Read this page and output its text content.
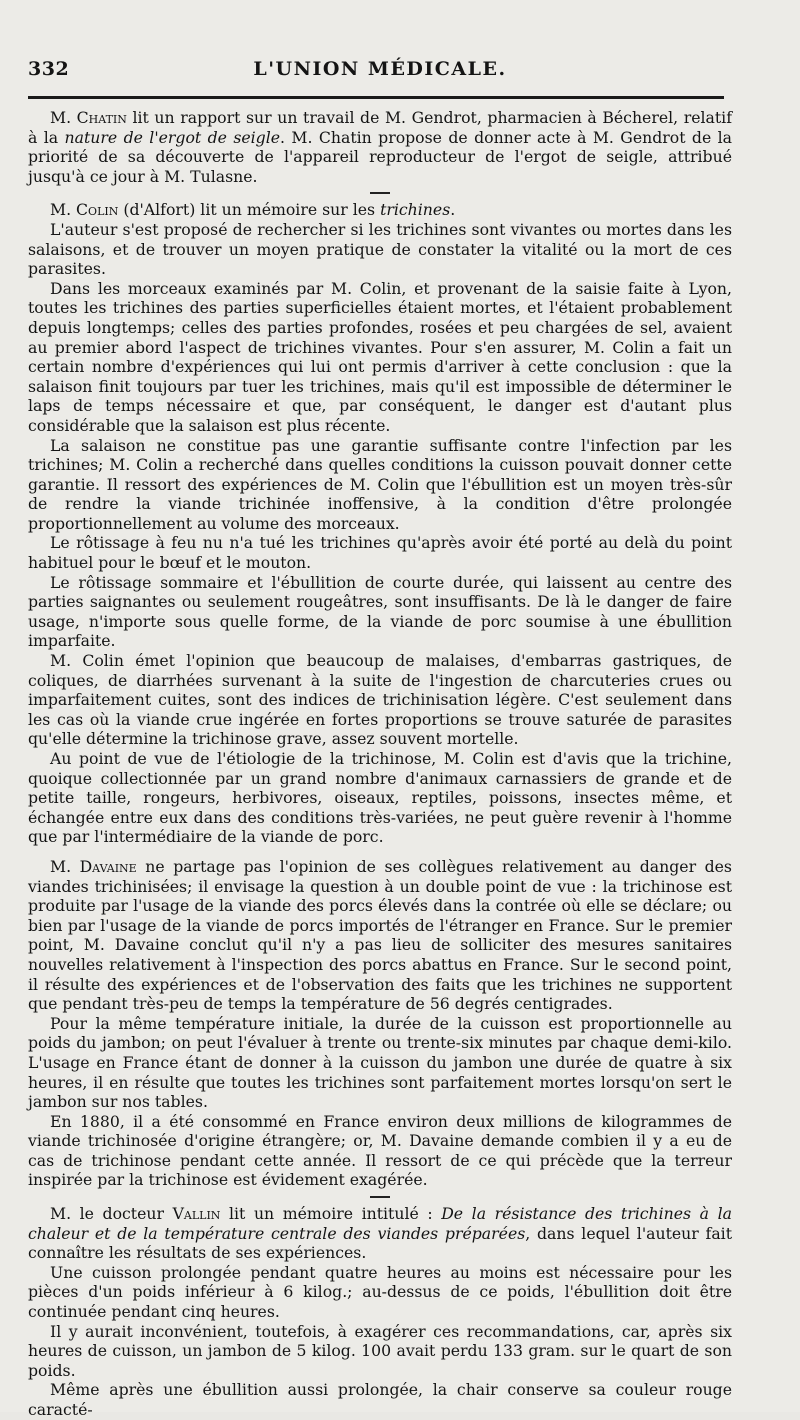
332	L'UNION MÉDICALE.

M. Chatin lit un rapport sur un travail de M. Gendrot, pharmacien à Bécherel, relatif à la nature de l'ergot de seigle. M. Chatin propose de donner acte à M. Gendrot de la priorité de sa découverte de l'appareil reproducteur de l'ergot de seigle, attribué jusqu'à ce jour à M. Tulasne.

M. Colin (d'Alfort) lit un mémoire sur les trichines.

L'auteur s'est proposé de rechercher si les trichines sont vivantes ou mortes dans les salaisons, et de trouver un moyen pratique de constater la vitalité ou la mort de ces parasites.

Dans les morceaux examinés par M. Colin, et provenant de la saisie faite à Lyon, toutes les trichines des parties superficielles étaient mortes, et l'étaient probablement depuis longtemps; celles des parties profondes, rosées et peu chargées de sel, avaient au premier abord l'aspect de trichines vivantes. Pour s'en assurer, M. Colin a fait un certain nombre d'expériences qui lui ont permis d'arriver à cette conclusion : que la salaison finit toujours par tuer les trichines, mais qu'il est impossible de déterminer le laps de temps nécessaire et que, par conséquent, le danger est d'autant plus considérable que la salaison est plus récente.

La salaison ne constitue pas une garantie suffisante contre l'infection par les trichines; M. Colin a recherché dans quelles conditions la cuisson pouvait donner cette garantie. Il ressort des expériences de M. Colin que l'ébullition est un moyen très-sûr de rendre la viande trichinée inoffensive, à la condition d'être prolongée proportionnellement au volume des morceaux.

Le rôtissage à feu nu n'a tué les trichines qu'après avoir été porté au delà du point habituel pour le bœuf et le mouton.

Le rôtissage sommaire et l'ébullition de courte durée, qui laissent au centre des parties saignantes ou seulement rougeâtres, sont insuffisants. De là le danger de faire usage, n'importe sous quelle forme, de la viande de porc soumise à une ébullition imparfaite.

M. Colin émet l'opinion que beaucoup de malaises, d'embarras gastriques, de coliques, de diarrhées survenant à la suite de l'ingestion de charcuteries crues ou imparfaitement cuites, sont des indices de trichinisation légère. C'est seulement dans les cas où la viande crue ingérée en fortes proportions se trouve saturée de parasites qu'elle détermine la trichinose grave, assez souvent mortelle.

Au point de vue de l'étiologie de la trichinose, M. Colin est d'avis que la trichine, quoique collectionnée par un grand nombre d'animaux carnassiers de grande et de petite taille, rongeurs, herbivores, oiseaux, reptiles, poissons, insectes même, et échangée entre eux dans des conditions très-variées, ne peut guère revenir à l'homme que par l'intermédiaire de la viande de porc.

M. Davaine ne partage pas l'opinion de ses collègues relativement au danger des viandes trichinisées; il envisage la question à un double point de vue : la trichinose est produite par l'usage de la viande des porcs élevés dans la contrée où elle se déclare; ou bien par l'usage de la viande de porcs importés de l'étranger en France. Sur le premier point, M. Davaine conclut qu'il n'y a pas lieu de solliciter des mesures sanitaires nouvelles relativement à l'inspection des porcs abattus en France. Sur le second point, il résulte des expériences et de l'observation des faits que les trichines ne supportent que pendant très-peu de temps la température de 56 degrés centigrades.

Pour la même température initiale, la durée de la cuisson est proportionnelle au poids du jambon; on peut l'évaluer à trente ou trente-six minutes par chaque demi-kilo. L'usage en France étant de donner à la cuisson du jambon une durée de quatre à six heures, il en résulte que toutes les trichines sont parfaitement mortes lorsqu'on sert le jambon sur nos tables.

En 1880, il a été consommé en France environ deux millions de kilogrammes de viande trichinosée d'origine étrangère; or, M. Davaine demande combien il y a eu de cas de trichinose pendant cette année. Il ressort de ce qui précède que la terreur inspirée par la trichinose est évidement exagérée.

M. le docteur Vallin lit un mémoire intitulé : De la résistance des trichines à la chaleur et de la température centrale des viandes préparées, dans lequel l'auteur fait connaître les résultats de ses expériences.

Une cuisson prolongée pendant quatre heures au moins est nécessaire pour les pièces d'un poids inférieur à 6 kilog.; au-dessus de ce poids, l'ébullition doit être continuée pendant cinq heures.

Il y aurait inconvénient, toutefois, à exagérer ces recommandations, car, après six heures de cuisson, un jambon de 5 kilog. 100 avait perdu 133 gram. sur le quart de son poids.

Même après une ébullition aussi prolongée, la chair conserve sa couleur rouge caracté-
